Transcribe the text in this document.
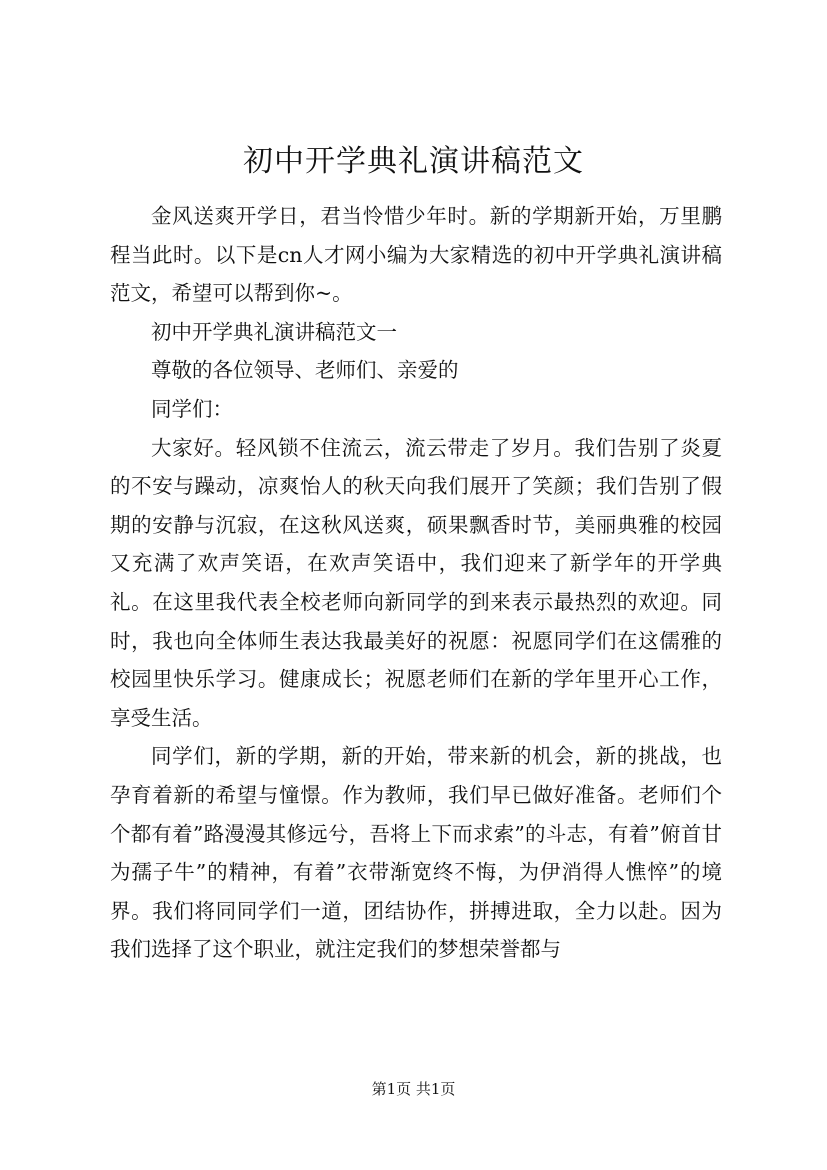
初中开学典礼演讲稿范文

金风送爽开学日，君当怜惜少年时。新的学期新开始，万里鹏程当此时。以下是cn人才网小编为大家精选的初中开学典礼演讲稿范文，希望可以帮到你~。

初中开学典礼演讲稿范文一

尊敬的各位领导、老师们、亲爱的

同学们：

大家好。轻风锁不住流云，流云带走了岁月。我们告别了炎夏的不安与躁动，凉爽怡人的秋天向我们展开了笑颜；我们告别了假期的安静与沉寂，在这秋风送爽，硕果飘香时节，美丽典雅的校园又充满了欢声笑语，在欢声笑语中，我们迎来了新学年的开学典礼。在这里我代表全校老师向新同学的到来表示最热烈的欢迎。同时，我也向全体师生表达我最美好的祝愿：祝愿同学们在这儒雅的校园里快乐学习。健康成长；祝愿老师们在新的学年里开心工作，享受生活。

同学们，新的学期，新的开始，带来新的机会，新的挑战，也孕育着新的希望与憧憬。作为教师，我们早已做好准备。老师们个个都有着”路漫漫其修远兮，吾将上下而求索”的斗志，有着”俯首甘为孺子牛”的精神，有着”衣带渐宽终不悔，为伊消得人憔悴”的境界。我们将同同学们一道，团结协作，拼搏进取，全力以赴。因为我们选择了这个职业，就注定我们的梦想荣誉都与

第1页 共1页
